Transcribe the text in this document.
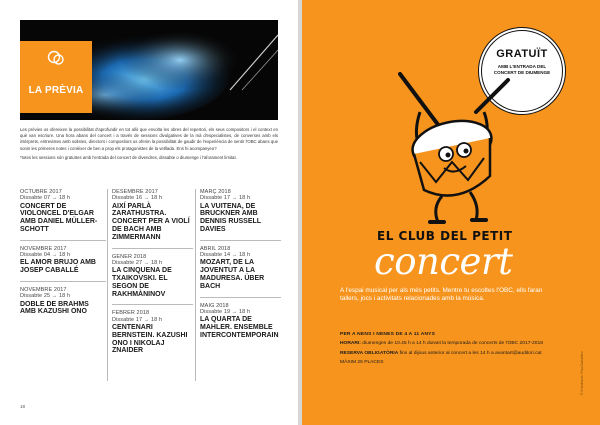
LA PRÈVIA

Les prèvies us ofereixen la possibilitat d'aprofundir en tot allò que envolta les obres del repertori, els seus compositors i el context en què van escriure. Una hora abans del concert i a través de sessions divulgatives de la mà d'especialistes, de converses amb els intèrprets, entrevistes amb solistes, directors i compositors us oferim la possibilitat de gaudir de l'experiència de sentir l'OBC abans que sonin les primeres notes i conèixer de ben a prop els protagonistes de la vetllada. Ens hi acompanyeu?

*totes les sessions són gratuïtes amb l'entrada del concert de divendres, dissabte o diumenge i l'aforament limitat.

OCTUBRE 2017
Dissabte 07 → 18 h
CONCERT DE VIOLONCEL D'ELGAR AMB DANIEL MÜLLER-SCHOTT
NOVEMBRE 2017
Dissabte 04 → 18 h
EL AMOR BRUJO AMB JOSEP CABALLÉ
NOVEMBRE 2017
Dissabte 25 → 18 h
DOBLE DE BRAHMS AMB KAZUSHI ONO
DESEMBRE 2017
Dissabte 16 → 18 h
AIXÍ PARLÀ ZARATHUSTRA. CONCERT PER A VIOLÍ DE BACH AMB ZIMMERMANN
GENER 2018
Dissabte 27 → 18 h
LA CINQUENA DE TXAIKOVSKI. EL SEGON DE RAKHMÀNINOV
FEBRER 2018
Dissabte 17 → 18 h
CENTENARI BERNSTEIN. KAZUSHI ONO I NIKOLAJ ZNAIDER
MARÇ 2018
Dissabte 17 → 18 h
LA VUITENA, DE BRUCKNER AMB DENNIS RUSSELL DAVIES
ABRIL 2018
Dissabte 14 → 18 h
MOZART, DE LA JOVENTUT A LA MADURESA. ÜBER BACH
MAIG 2018
Dissabte 19 → 18 h
LA QUARTA DE MAHLER. ENSEMBLE INTERCONTEMPORAIN
18
GRATUÏT
AMB L'ENTRADA DEL CONCERT DE DIUMENGE
EL CLUB DEL PETIT
concert
A l'espai musical per als més petits. Mentre tu escoltes l'OBC, ells faran tallers, jocs i activitats relacionades amb la música.

PER A NENS I NENES DE 4 A 11 ANYS

HORARI: diumenges de 10.45 h a 14 h durant la temporada de concerts de l'OBC 2017-2018

RESERVA OBLIGATÒRIA fins al dijous anterior al concert a les 14 h a avantart@auditori.cat

MÀXIM 25 PLACES	© Il·lustració: Pau Caballero
